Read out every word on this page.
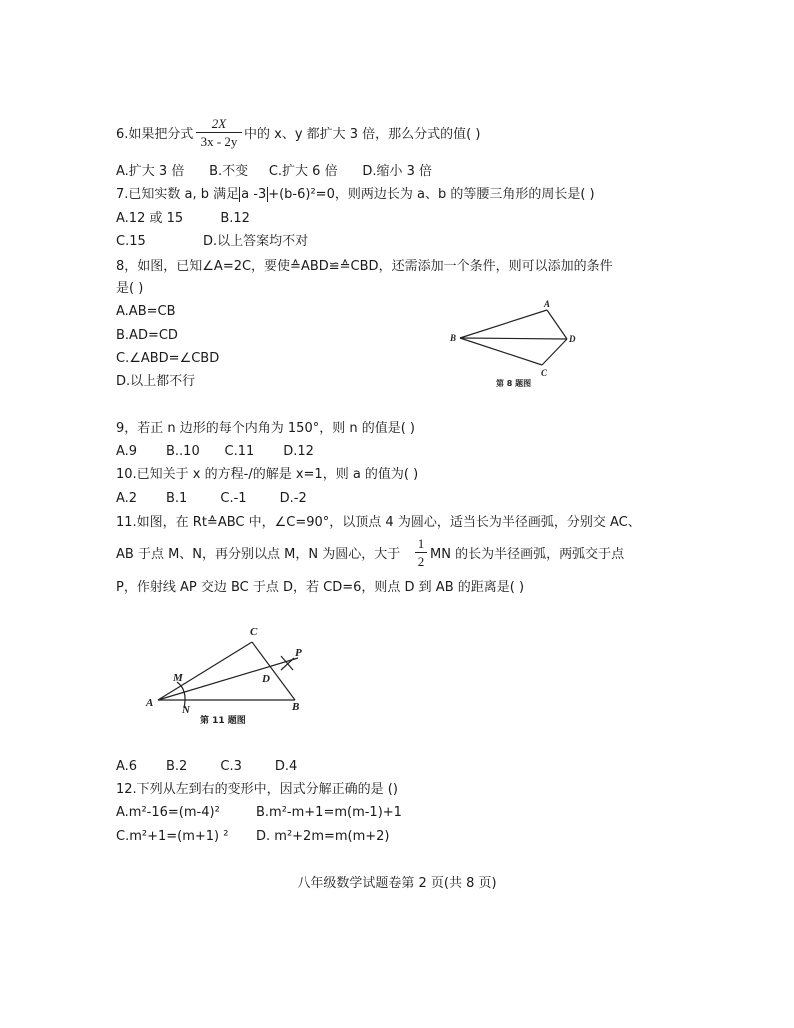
6.如果把分式
2X
3x - 2y 中的 x、y 都扩大 3 倍，那么分式的值( )
A.扩大 3 倍      B.不变     C.扩大 6 倍      D.缩小 3 倍
7.已知实数 a, b 满足 a -3 +(b-6)²=0，则两边长为 a、b 的等腰三角形的周长是( )
A.12 或 15         B.12
C.15	D.以上答案均不对
8，如图，已知∠A=2C，要使≙ABD≌≙CBD，还需添加一个条件，则可以添加的条件
是( )
A.AB=CB
B.AD=CD
C.∠ABD=∠CBD
D.以上都不行
A
B
C
D
第 8 题图
9，若正 n 边形的每个内角为 150°，则 n 的值是( )
A.9       B..10      C.11       D.12
10.已知关于 x 的方程-/的解是 x=1，则 a 的值为( )
A.2       B.1        C.-1        D.-2
11.如图，在 Rt≙ABC 中，∠C=90°，以顶点 4 为圆心，适当长为半径画弧，分别交 AC、
AB 于点 M、N，再分别以点 M，N 为圆心，大于
1
2 MN 的长为半径画弧，两弧交于点
P，作射线 AP 交边 BC 于点 D，若 CD=6，则点 D 到 AB 的距离是( )
A	B
C
D
M
N
P
第 11 题图
A.6       B.2        C.3        D.4
12.下列从左到右的变形中，因式分解正确的是 ()
A.m²-16=(m-4)²	B.m²-m+1=m(m-1)+1
C.m²+1=(m+1) ² D. m²+2m=m(m+2)
八年级数学试题卷第 2 页(共 8 页)
